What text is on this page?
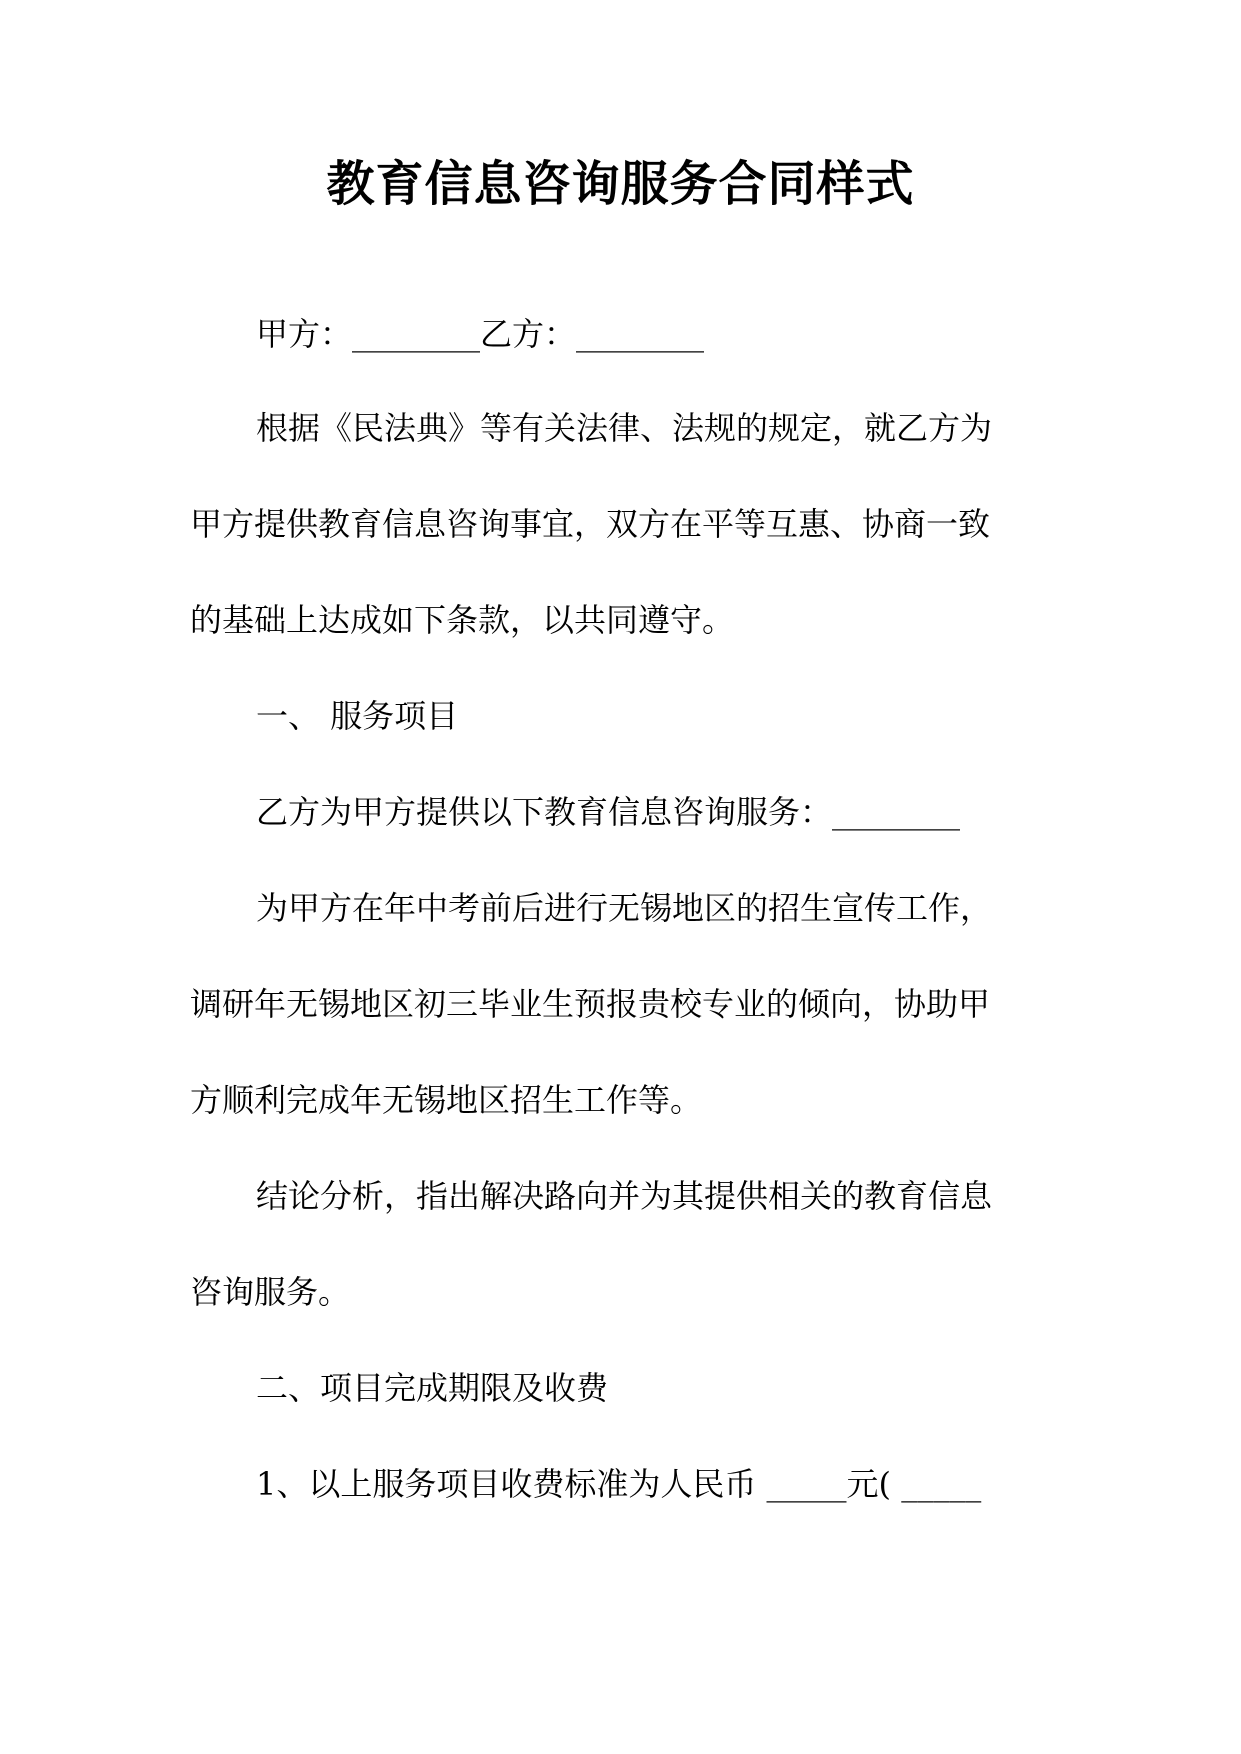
教育信息咨询服务合同样式
甲方：________乙方：________
根据《民法典》等有关法律、法规的规定，就乙方为
甲方提供教育信息咨询事宜，双方在平等互惠、协商一致
的基础上达成如下条款，以共同遵守。
一、 服务项目
乙方为甲方提供以下教育信息咨询服务：________
为甲方在年中考前后进行无锡地区的招生宣传工作，
调研年无锡地区初三毕业生预报贵校专业的倾向，协助甲
方顺利完成年无锡地区招生工作等。
结论分析，指出解决路向并为其提供相关的教育信息
咨询服务。
二、项目完成期限及收费
1、以上服务项目收费标准为人民币 _____元( _____
